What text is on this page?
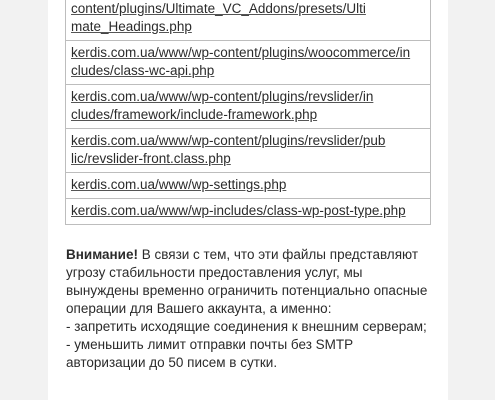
content/plugins/Ultimate_VC_Addons/presets/Ulti
mate_Headings.php
kerdis.com.ua/www/wp-content/plugins/woocommerce/in
cludes/class-wc-api.php
kerdis.com.ua/www/wp-content/plugins/revslider/in
cludes/framework/include-framework.php
kerdis.com.ua/www/wp-content/plugins/revslider/pub
lic/revslider-front.class.php
kerdis.com.ua/www/wp-settings.php
kerdis.com.ua/www/wp-includes/class-wp-post-type.php

Внимание! В связи с тем, что эти файлы представляют угрозу стабильности предоставления услуг, мы вынуждены временно ограничить потенциально опасные операции для Вашего аккаунта, а именно:

- запретить исходящие соединения к внешним серверам;

- уменьшить лимит отправки почты без SMTP авторизации до 50 писем в сутки.
